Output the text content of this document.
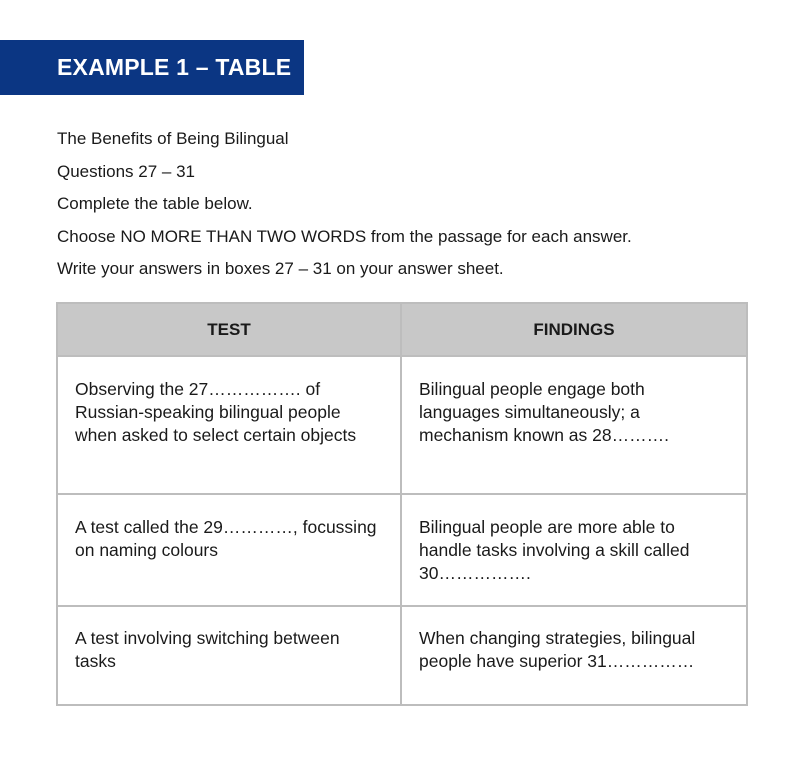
EXAMPLE 1 – TABLE
The Benefits of Being Bilingual
Questions 27 – 31
Complete the table below.
Choose NO MORE THAN TWO WORDS from the passage for each answer.
Write your answers in boxes 27 – 31 on your answer sheet.
TEST	FINDINGS
Observing the 27……………. of Russian-speaking bilingual people when asked to select certain objects	Bilingual people engage both languages simultaneously; a mechanism known as 28……….
A test called the 29…………, focussing on naming colours	Bilingual people are more able to handle tasks involving a skill called 30…………….
A test involving switching between tasks	When changing strategies, bilingual people have superior 31……………
